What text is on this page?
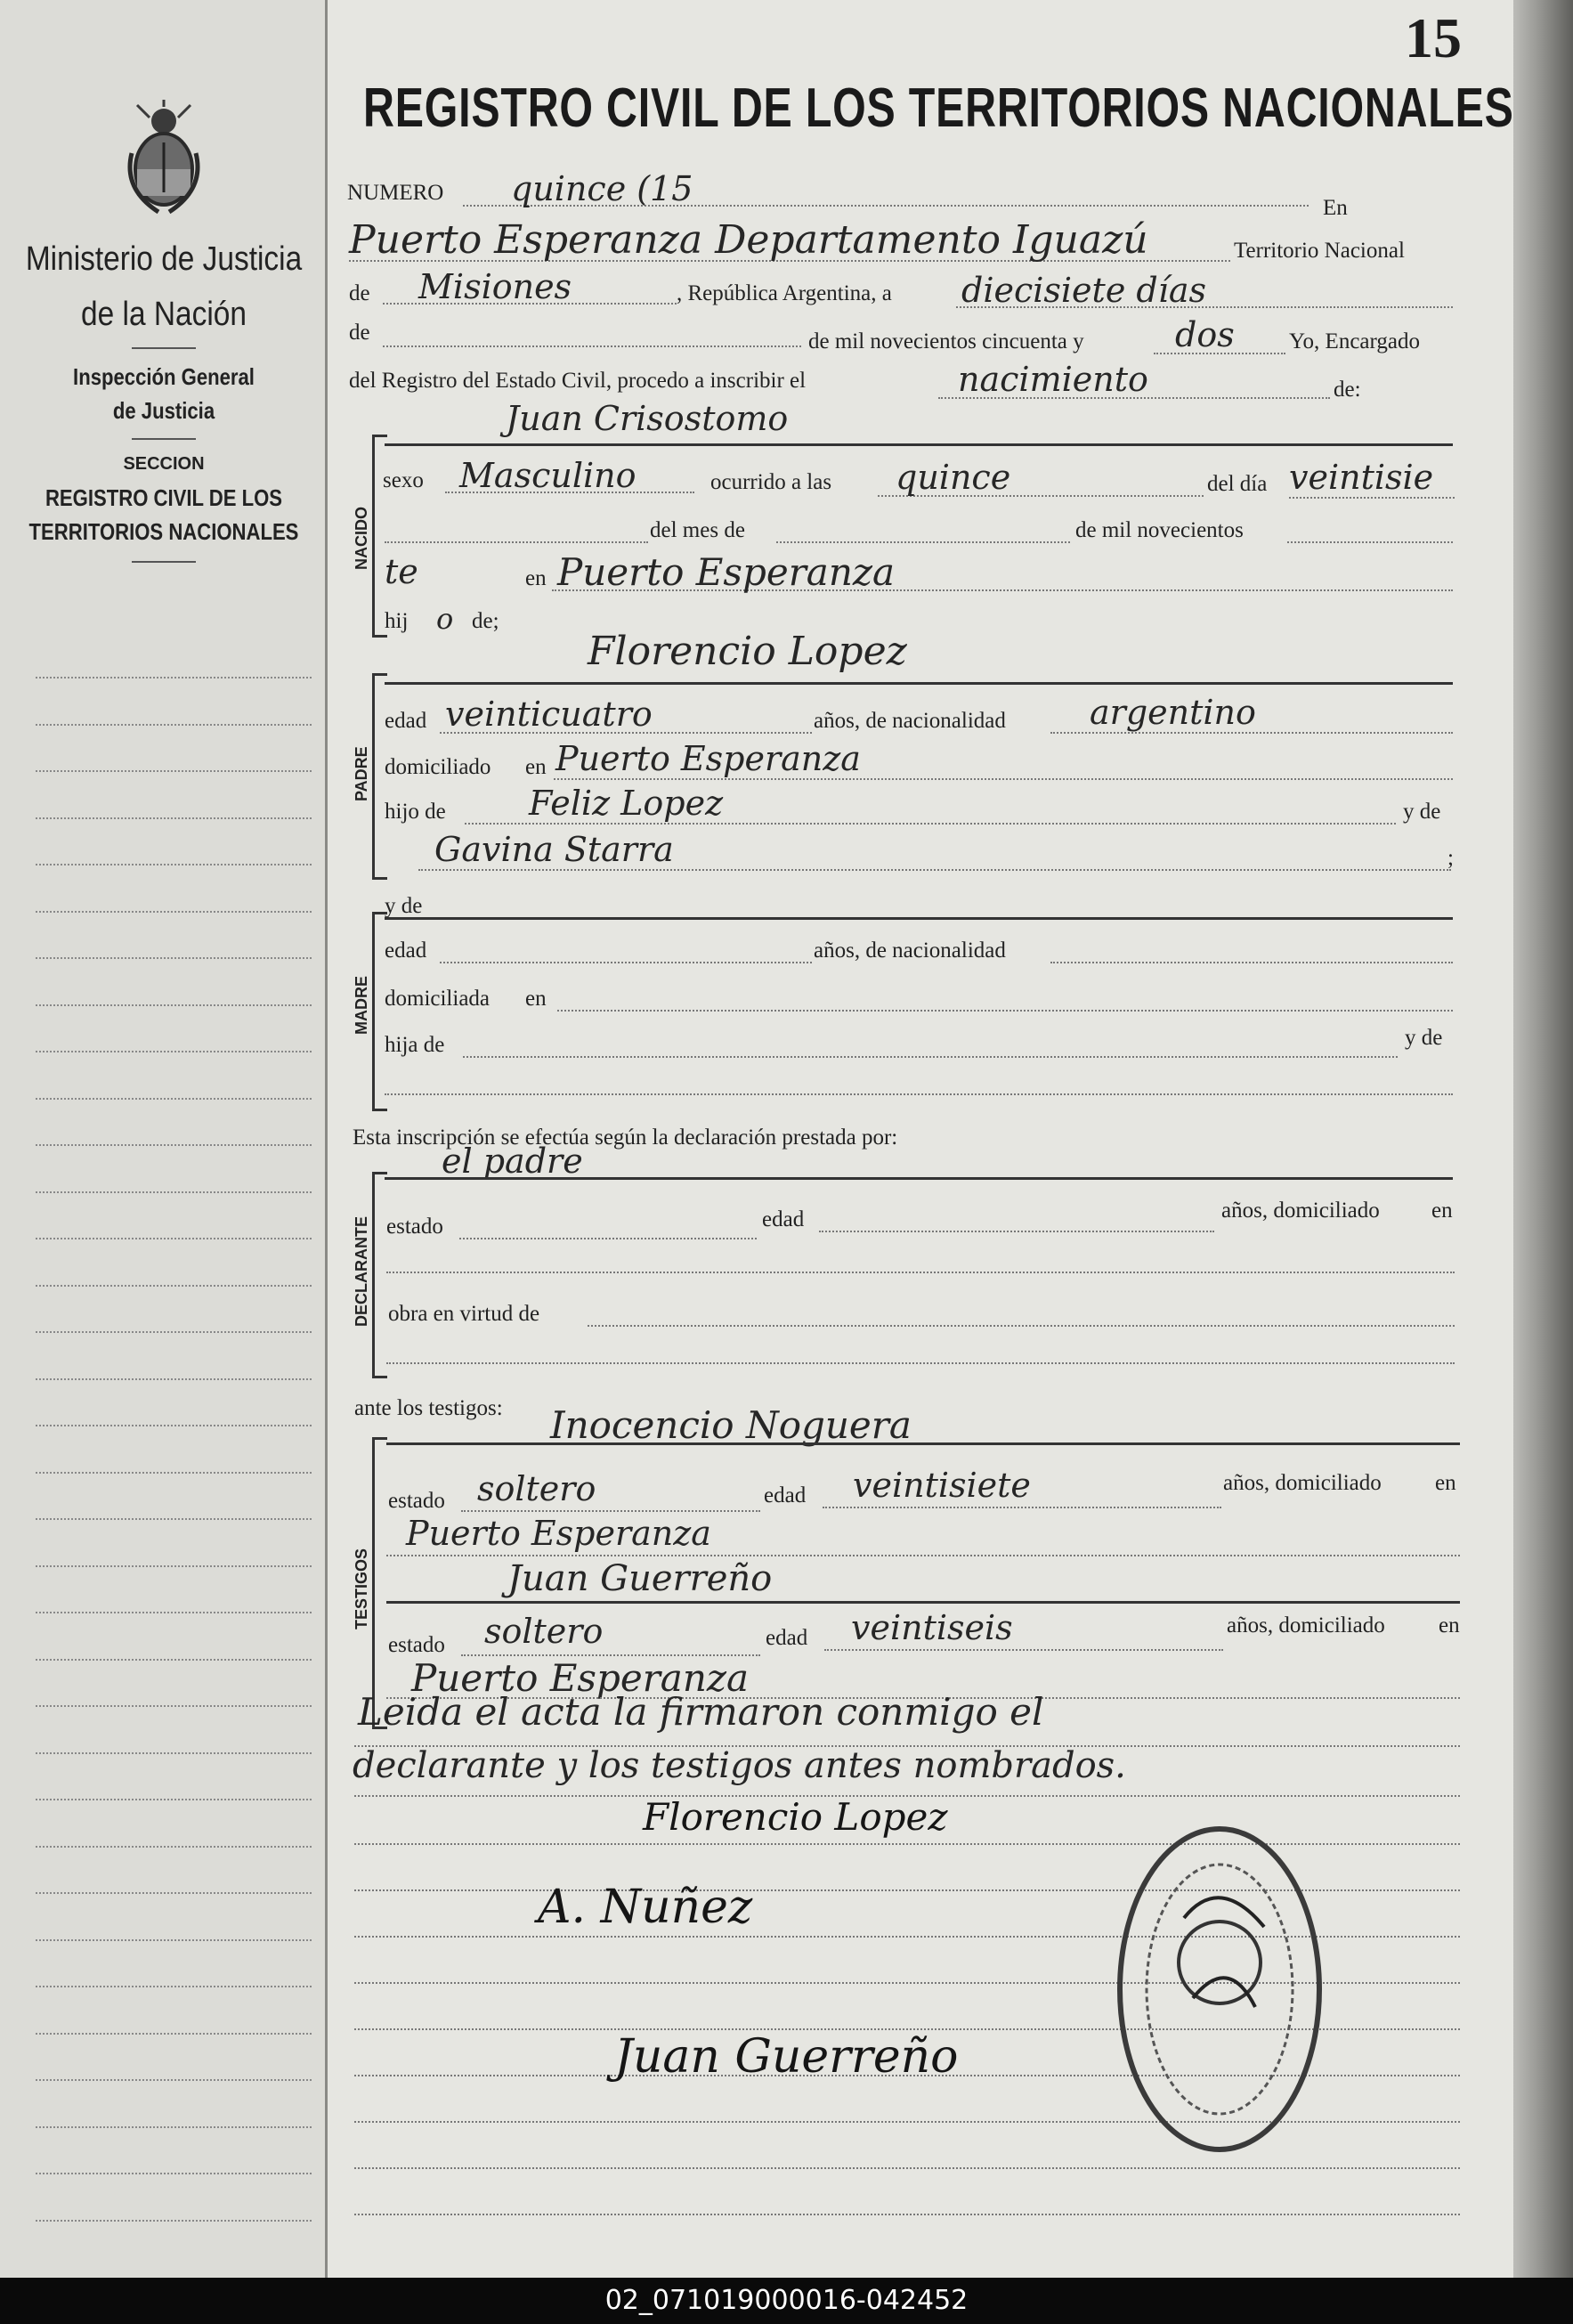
Ministerio de Justicia
de la Nación
Inspección General
de Justicia
SECCION
REGISTRO CIVIL DE LOS
TERRITORIOS NACIONALES
15
REGISTRO CIVIL DE LOS TERRITORIOS NACIONALES
NUMERO quince (15	En
Puerto Esperanza Departamento Iguazú	Territorio Nacional
de Misiones	, República Argentina, a diecisiete días
de	de mil novecientos cincuenta y	dos Yo, Encargado
del Registro del Estado Civil, procedo a inscribir el	nacimiento	de:
NACIDO
Juan Crisostomo
sexo Masculino	ocurrido a las quince	del día veintisie
del mes de	de mil novecientos
te	en Puerto Esperanza
hij o de;
PADRE
Florencio Lopez
edad veinticuatro	años, de nacionalidad argentino
domiciliado en Puerto Esperanza
hijo de Feliz Lopez	y de
Gavina Starra	;
y de
MADRE
edad	años, de nacionalidad
domiciliada en
hija de	y de
Esta inscripción se efectúa según la declaración prestada por:
el padre
DECLARANTE estado	edad	años, domiciliado en
obra en virtud de
ante los testigos: Inocencio Noguera
TESTIGOS
estado soltero	edad veintisiete	años, domiciliado en
Puerto Esperanza
Juan Guerreño
estado soltero	edad veintiseis	años, domiciliado en
Puerto Esperanza
Leida el acta la firmaron conmigo el
declarante y los testigos antes nombrados.
Florencio Lopez
A. Nuñez
Juan Guerreño
02_071019000016-042452
